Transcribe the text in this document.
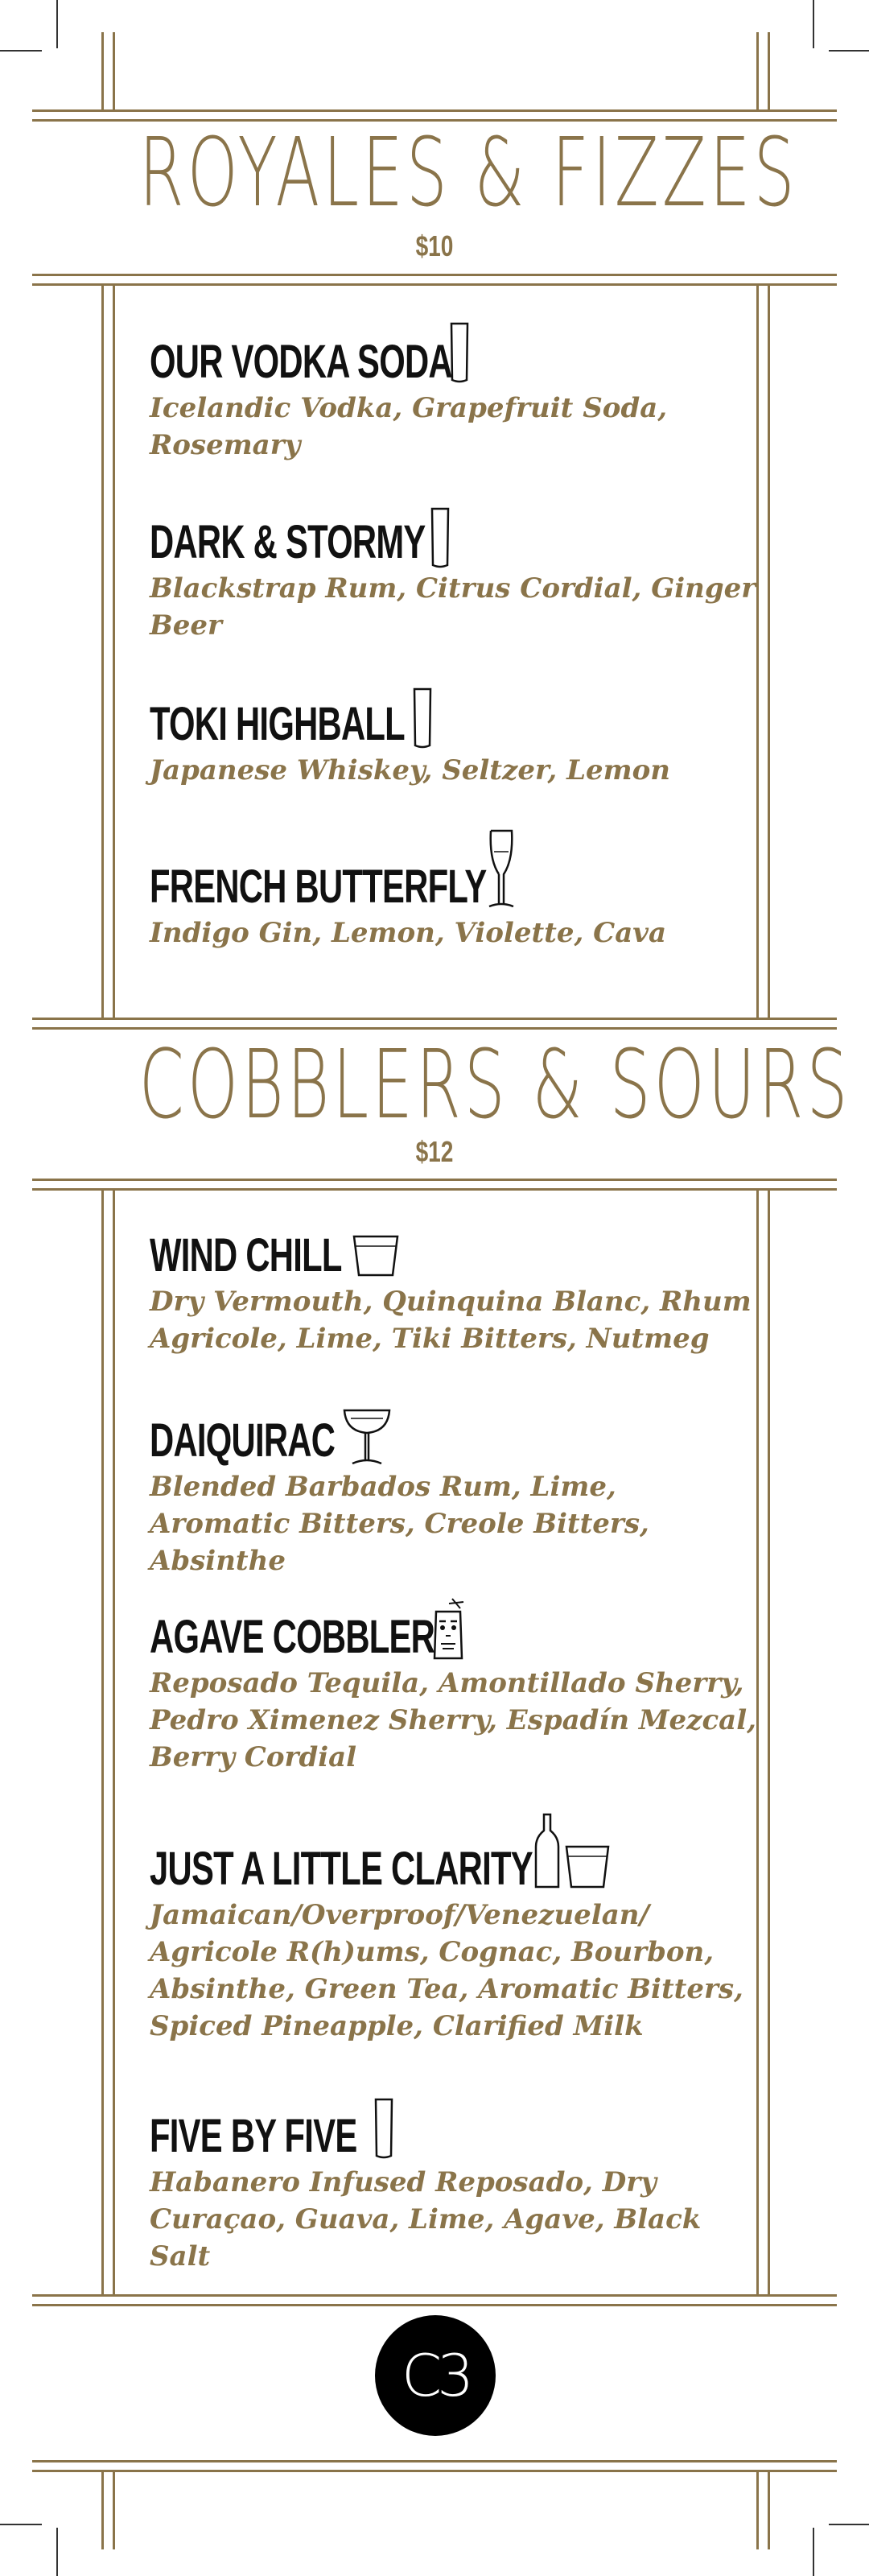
ROYALES & FIZZES
$10
OUR VODKA SODA
Icelandic Vodka, Grapefruit Soda, Rosemary
DARK & STORMY
Blackstrap Rum, Citrus Cordial, Ginger Beer
TOKI HIGHBALL
Japanese Whiskey, Seltzer, Lemon
FRENCH BUTTERFLY
Indigo Gin, Lemon, Violette, Cava
COBBLERS & SOURS
$12
WIND CHILL
Dry Vermouth, Quinquina Blanc, Rhum Agricole, Lime, Tiki Bitters, Nutmeg
DAIQUIRAC
Blended Barbados Rum, Lime, Aromatic Bitters, Creole Bitters, Absinthe
AGAVE COBBLER
Reposado Tequila, Amontillado Sherry, Pedro Ximenez Sherry, Espadín Mezcal, Berry Cordial
JUST A LITTLE CLARITY
Jamaican/Overproof/Venezuelan/ Agricole R(h)ums, Cognac, Bourbon, Absinthe, Green Tea, Aromatic Bitters, Spiced Pineapple, Clarified Milk
FIVE BY FIVE
Habanero Infused Reposado, Dry Curaçao, Guava, Lime, Agave, Black Salt
C3
